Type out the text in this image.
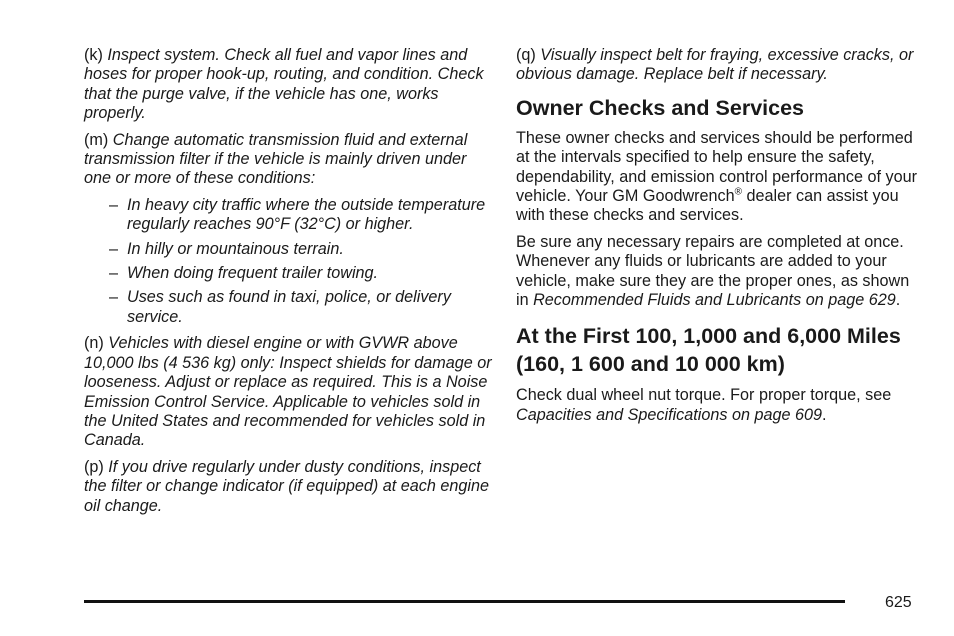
(k) Inspect system. Check all fuel and vapor lines and hoses for proper hook-up, routing, and condition. Check that the purge valve, if the vehicle has one, works properly.

(m) Change automatic transmission fluid and external transmission filter if the vehicle is mainly driven under one or more of these conditions:

– In heavy city traffic where the outside temperature regularly reaches 90°F (32°C) or higher.
– In hilly or mountainous terrain.
– When doing frequent trailer towing.
– Uses such as found in taxi, police, or delivery service.

(n) Vehicles with diesel engine or with GVWR above 10,000 lbs (4 536 kg) only: Inspect shields for damage or looseness. Adjust or replace as required. This is a Noise Emission Control Service. Applicable to vehicles sold in the United States and recommended for vehicles sold in Canada.

(p) If you drive regularly under dusty conditions, inspect the filter or change indicator (if equipped) at each engine oil change.

(q) Visually inspect belt for fraying, excessive cracks, or obvious damage. Replace belt if necessary.

Owner Checks and Services

These owner checks and services should be performed at the intervals specified to help ensure the safety, dependability, and emission control performance of your vehicle. Your GM Goodwrench® dealer can assist you with these checks and services.

Be sure any necessary repairs are completed at once. Whenever any fluids or lubricants are added to your vehicle, make sure they are the proper ones, as shown in Recommended Fluids and Lubricants on page 629.

At the First 100, 1,000 and 6,000 Miles (160, 1 600 and 10 000 km)

Check dual wheel nut torque. For proper torque, see Capacities and Specifications on page 609.

625
